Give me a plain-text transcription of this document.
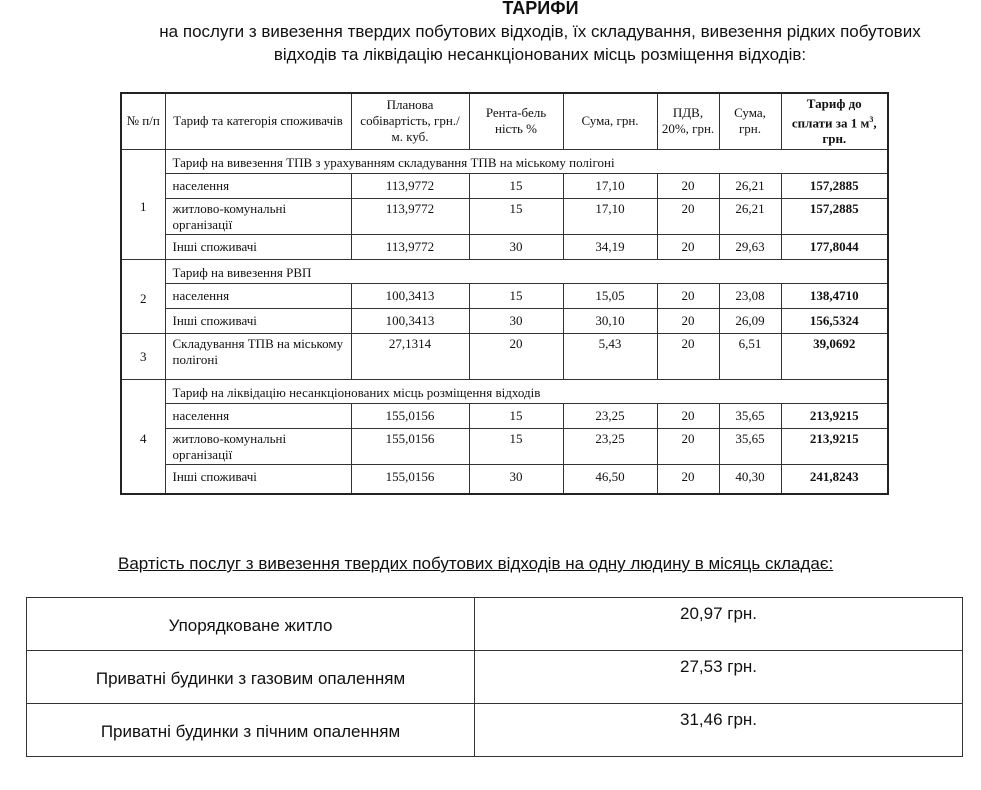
ТАРИФИ
на послуги з вивезення твердих побутових відходів, їх складування, вивезення рідких побутових
відходів та ліквідацію несанкціонованих місць розміщення відходів:
№ п/п	Тариф та категорія споживачів	Планова собівартість, грн./м. куб.	Рента-бель ність %	Сума, грн.	ПДВ, 20%, грн.	Сума, грн.	Тариф до сплати за 1 $м^3$, грн.
1	Тариф на вивезення ТПВ з урахуванням складування ТПВ на міському полігоні						
	населення	113,9772	15	17,10	20	26,21	157,2885
	житлово-комунальні організації	113,9772	15	17,10	20	26,21	157,2885
	Інші споживачі	113,9772	30	34,19	20	29,63	177,8044
2	Тариф на вивезення РВП						
	населення	100,3413	15	15,05	20	23,08	138,4710
	Інші споживачі	100,3413	30	30,10	20	26,09	156,5324
3	Складування ТПВ на міському полігоні	27,1314	20	5,43	20	6,51	39,0692
4	Тариф на ліквідацію несанкціонованих місць розміщення відходів						
	населення	155,0156	15	23,25	20	35,65	213,9215
	житлово-комунальні організації	155,0156	15	23,25	20	35,65	213,9215
	Інші споживачі	155,0156	30	46,50	20	40,30	241,8243
Вартість послуг з вивезення твердих побутових відходів на одну людину в місяць складає:
Упорядковане житло	20,97 грн.
Приватні будинки з газовим опаленням	27,53 грн.
Приватні будинки з пічним опаленням	31,46 грн.
